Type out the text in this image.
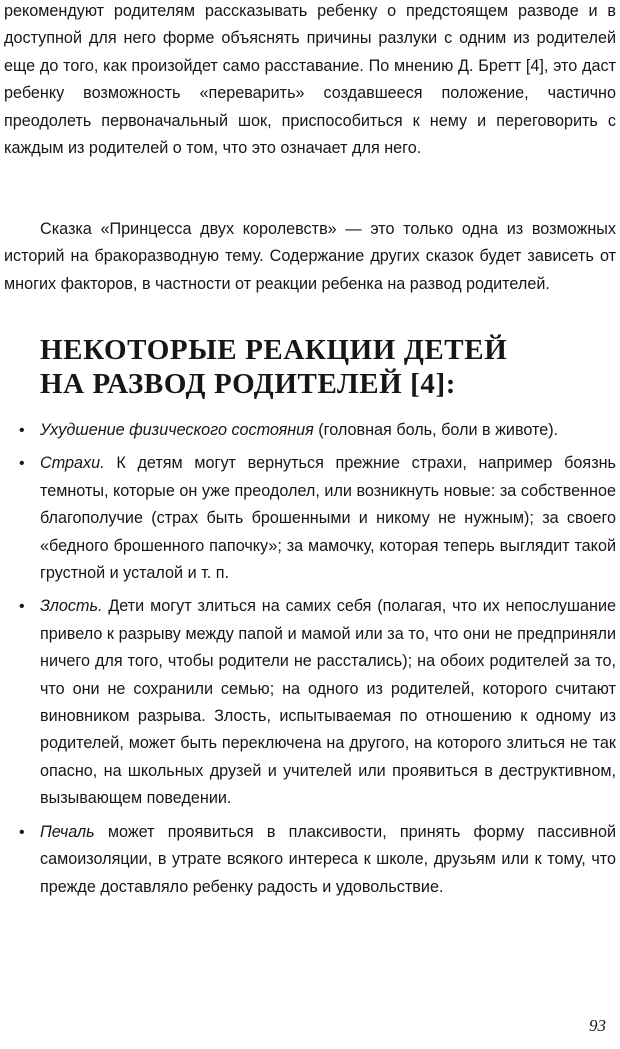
рекомендуют родителям рассказывать ребенку о предстоящем разводе и в доступной для него форме объяснять причины разлуки с одним из родителей еще до того, как произойдет само расставание. По мнению Д. Бретт [4], это даст ребенку возможность «переварить» создавшееся положение, частично преодолеть первоначальный шок, приспособиться к нему и переговорить с каждым из родителей о том, что это означает для него.

Сказка «Принцесса двух королевств» — это только одна из возможных историй на бракоразводную тему. Содержание других сказок будет зависеть от многих факторов, в частности от реакции ребенка на развод родителей.

НЕКОТОРЫЕ РЕАКЦИИ ДЕТЕЙ
НА РАЗВОД РОДИТЕЛЕЙ [4]:
• Ухудшение физического состояния (головная боль, боли в животе).
• Страхи. К детям могут вернуться прежние страхи, например боязнь темноты, которые он уже преодолел, или возникнуть новые: за собственное благополучие (страх быть брошенными и никому не нужным); за своего «бедного брошенного папочку»; за мамочку, которая теперь выглядит такой грустной и усталой и т. п.
• Злость. Дети могут злиться на самих себя (полагая, что их непослушание привело к разрыву между папой и мамой или за то, что они не предприняли ничего для того, чтобы родители не расстались); на обоих родителей за то, что они не сохранили семью; на одного из родителей, которого считают виновником разрыва. Злость, испытываемая по отношению к одному из родителей, может быть переключена на другого, на которого злиться не так опасно, на школьных друзей и учителей или проявиться в деструктивном, вызывающем поведении.
• Печаль может проявиться в плаксивости, принять форму пассивной самоизоляции, в утрате всякого интереса к школе, друзьям или к тому, что прежде доставляло ребенку радость и удовольствие.
93
